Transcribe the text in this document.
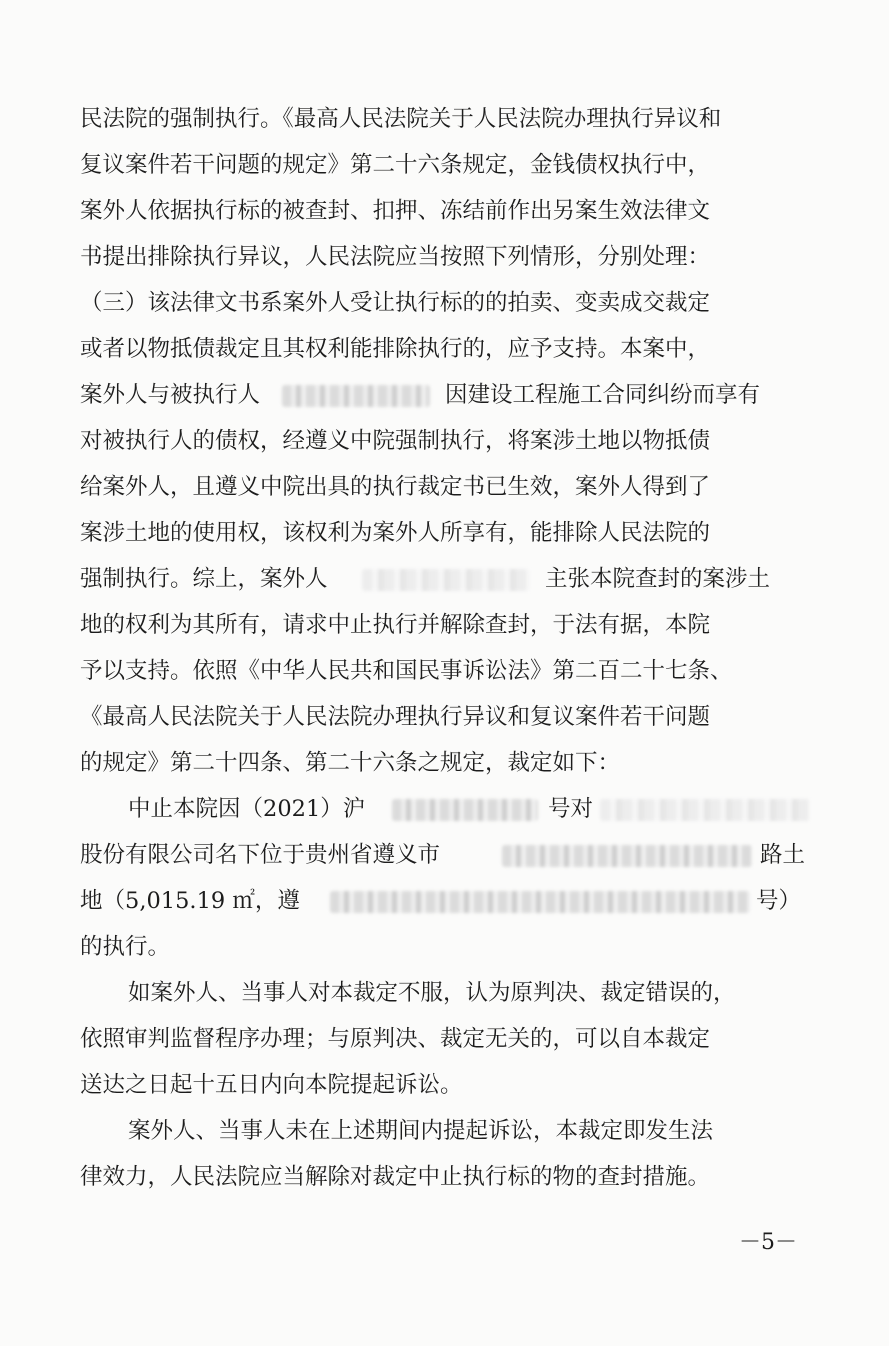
民法院的强制执行。《最高人民法院关于人民法院办理执行异议和
复议案件若干问题的规定》第二十六条规定，金钱债权执行中，
案外人依据执行标的被查封、扣押、冻结前作出另案生效法律文
书提出排除执行异议，人民法院应当按照下列情形，分别处理：
（三）该法律文书系案外人受让执行标的的拍卖、变卖成交裁定
或者以物抵债裁定且其权利能排除执行的，应予支持。本案中，
案外人与被执行人	因建设工程施工合同纠纷而享有
对被执行人的债权，经遵义中院强制执行，将案涉土地以物抵债
给案外人，且遵义中院出具的执行裁定书已生效，案外人得到了
案涉土地的使用权，该权利为案外人所享有，能排除人民法院的
强制执行。综上，案外人	主张本院查封的案涉土
地的权利为其所有，请求中止执行并解除查封，于法有据，本院
予以支持。依照《中华人民共和国民事诉讼法》第二百二十七条、
《最高人民法院关于人民法院办理执行异议和复议案件若干问题
的规定》第二十四条、第二十六条之规定，裁定如下：
中止本院因（2021）沪	号对
股份有限公司名下位于贵州省遵义市	路土
地（5,015.19 ㎡，遵	号）
的执行。
如案外人、当事人对本裁定不服，认为原判决、裁定错误的，
依照审判监督程序办理；与原判决、裁定无关的，可以自本裁定
送达之日起十五日内向本院提起诉讼。
案外人、当事人未在上述期间内提起诉讼，本裁定即发生法
律效力，人民法院应当解除对裁定中止执行标的物的查封措施。
－5－
